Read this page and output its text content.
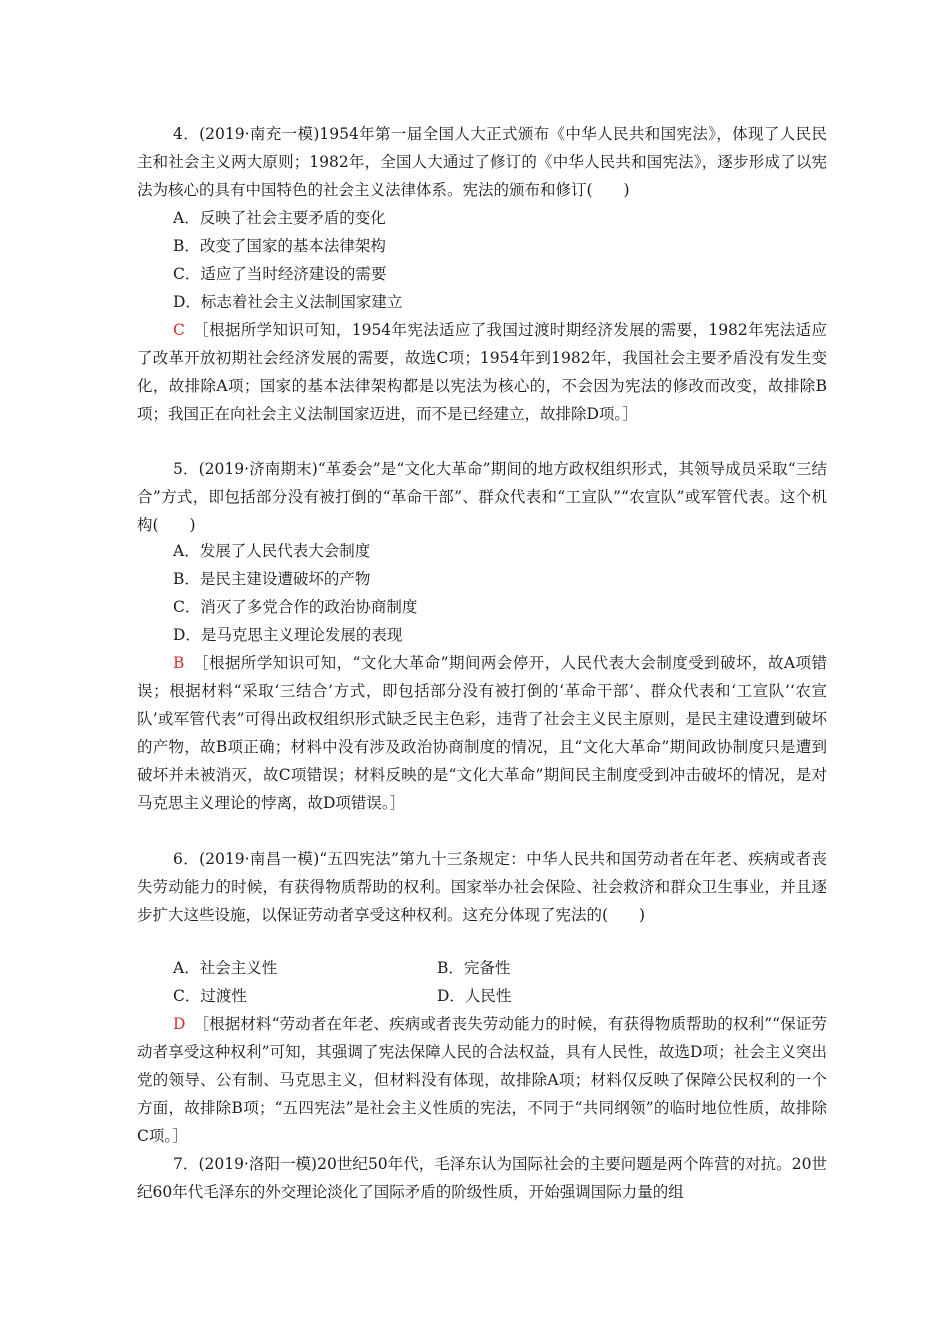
4．(2019·南充一模)1954年第一届全国人大正式颁布《中华人民共和国宪法》，体现了人民民主和社会主义两大原则；1982年，全国人大通过了修订的《中华人民共和国宪法》，逐步形成了以宪法为核心的具有中国特色的社会主义法律体系。宪法的颁布和修订(　　)

A．反映了社会主要矛盾的变化

B．改变了国家的基本法律架构

C．适应了当时经济建设的需要

D．标志着社会主义法制国家建立

C　 ［根据所学知识可知，1954年宪法适应了我国过渡时期经济发展的需要，1982年宪法适应了改革开放初期社会经济发展的需要，故选C项；1954年到1982年，我国社会主要矛盾没有发生变化，故排除A项；国家的基本法律架构都是以宪法为核心的，不会因为宪法的修改而改变，故排除B项；我国正在向社会主义法制国家迈进，而不是已经建立，故排除D项。］

5．(2019·济南期末)“革委会”是“文化大革命”期间的地方政权组织形式，其领导成员采取“三结合”方式，即包括部分没有被打倒的“革命干部”、群众代表和“工宣队”“农宣队”或军管代表。这个机构(　　)

A．发展了人民代表大会制度

B．是民主建设遭破坏的产物

C．消灭了多党合作的政治协商制度

D．是马克思主义理论发展的表现

B　 ［根据所学知识可知，“文化大革命”期间两会停开，人民代表大会制度受到破坏，故A项错误；根据材料“采取‘三结合’方式，即包括部分没有被打倒的‘革命干部’、群众代表和‘工宣队’‘农宣队’或军管代表”可得出政权组织形式缺乏民主色彩，违背了社会主义民主原则，是民主建设遭到破坏的产物，故B项正确；材料中没有涉及政治协商制度的情况，且“文化大革命”期间政协制度只是遭到破坏并未被消灭，故C项错误；材料反映的是“文化大革命”期间民主制度受到冲击破坏的情况，是对马克思主义理论的悖离，故D项错误。］

6．(2019·南昌一模)“五四宪法”第九十三条规定：中华人民共和国劳动者在年老、疾病或者丧失劳动能力的时候，有获得物质帮助的权利。国家举办社会保险、社会救济和群众卫生事业，并且逐步扩大这些设施，以保证劳动者享受这种权利。这充分体现了宪法的(　　)

A．社会主义性	B．完备性

C．过渡性	D．人民性

D　 ［根据材料“劳动者在年老、疾病或者丧失劳动能力的时候，有获得物质帮助的权利”“保证劳动者享受这种权利”可知，其强调了宪法保障人民的合法权益，具有人民性，故选D项；社会主义突出党的领导、公有制、马克思主义，但材料没有体现，故排除A项；材料仅反映了保障公民权利的一个方面，故排除B项；“五四宪法”是社会主义性质的宪法，不同于“共同纲领”的临时地位性质，故排除C项。］

7．(2019·洛阳一模)20世纪50年代，毛泽东认为国际社会的主要问题是两个阵营的对抗。20世纪60年代毛泽东的外交理论淡化了国际矛盾的阶级性质，开始强调国际力量的组
